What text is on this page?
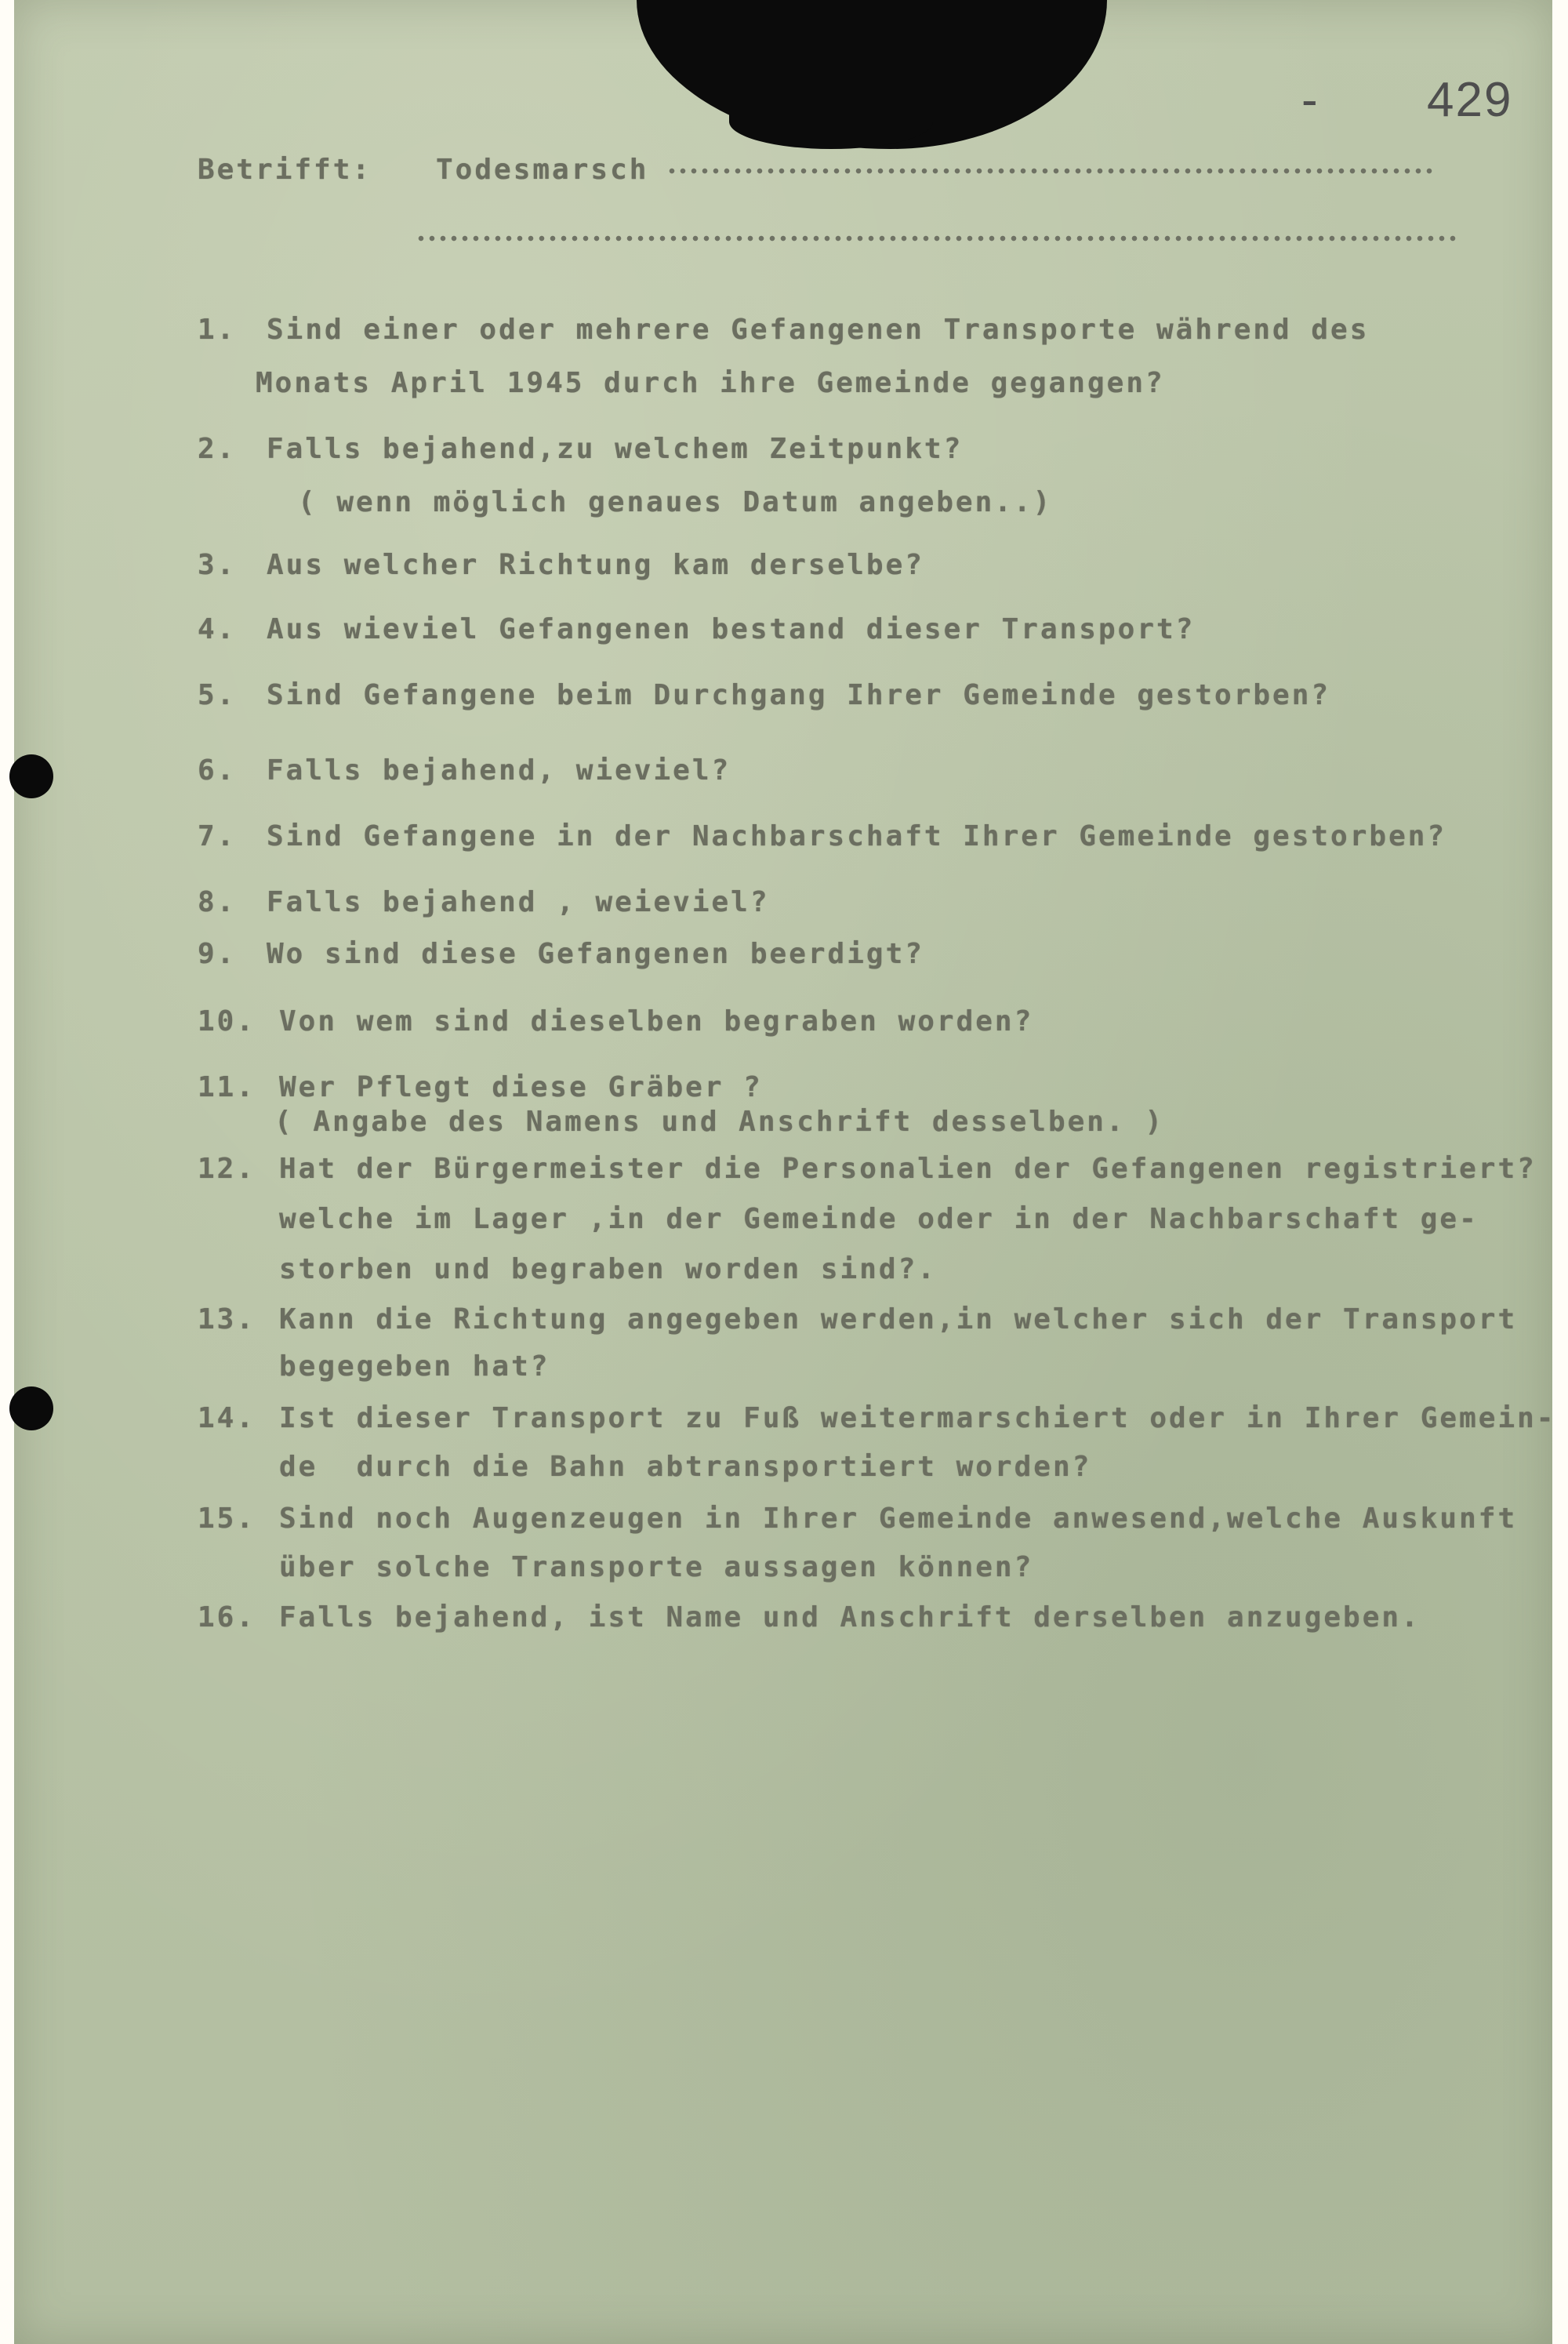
- 429
Betrifft: Todesmarsch
1.	Sind einer oder mehrere Gefangenen Transporte während des
Monats April 1945 durch ihre Gemeinde gegangen?
2.	Falls bejahend,zu welchem Zeitpunkt?
( wenn möglich genaues Datum angeben..)
3.	Aus welcher Richtung kam derselbe?
4.	Aus wieviel Gefangenen bestand dieser Transport?
5.	Sind Gefangene beim Durchgang Ihrer Gemeinde gestorben?
6.	Falls bejahend, wieviel?
7.	Sind Gefangene in der Nachbarschaft Ihrer Gemeinde gestorben?
8.	Falls bejahend , weieviel?
9.	Wo sind diese Gefangenen beerdigt?
10. Von wem sind dieselben begraben worden?
11. Wer Pflegt diese Gräber ?
( Angabe des Namens und Anschrift desselben. )
12. Hat der Bürgermeister die Personalien der Gefangenen registriert?
welche im Lager ,in der Gemeinde oder in der Nachbarschaft ge-
storben und begraben worden sind?.
13. Kann die Richtung angegeben werden,in welcher sich der Transport
begegeben hat?
14. Ist dieser Transport zu Fuß weitermarschiert oder in Ihrer Gemein-
de  durch die Bahn abtransportiert worden?
15. Sind noch Augenzeugen in Ihrer Gemeinde anwesend,welche Auskunft
über solche Transporte aussagen können?
16. Falls bejahend, ist Name und Anschrift derselben anzugeben.
